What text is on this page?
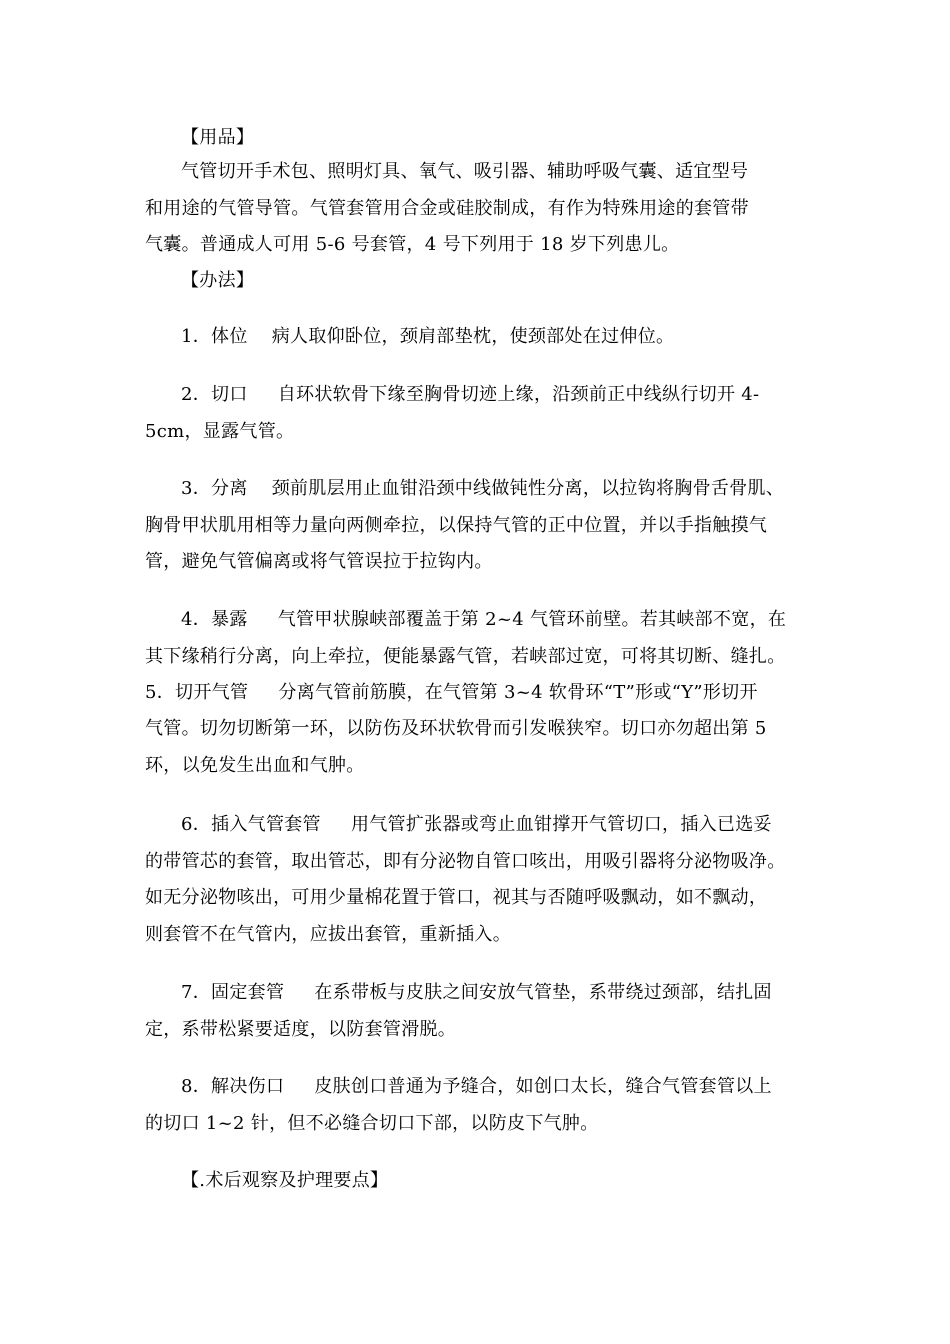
【用品】
气管切开手术包、照明灯具、氧气、吸引器、辅助呼吸气囊、适宜型号
和用途的气管导管。气管套管用合金或硅胶制成，有作为特殊用途的套管带
气囊。普通成人可用 5-6 号套管，4 号下列用于 18 岁下列患儿。
【办法】
1．体位    病人取仰卧位，颈肩部垫枕，使颈部处在过伸位。
2．切口     自环状软骨下缘至胸骨切迹上缘，沿颈前正中线纵行切开 4-
5cm，显露气管。
3．分离    颈前肌层用止血钳沿颈中线做钝性分离，以拉钩将胸骨舌骨肌、
胸骨甲状肌用相等力量向两侧牵拉，以保持气管的正中位置，并以手指触摸气
管，避免气管偏离或将气管误拉于拉钩内。
4．暴露     气管甲状腺峡部覆盖于第 2~4 气管环前壁。若其峡部不宽，在
其下缘稍行分离，向上牵拉，便能暴露气管，若峡部过宽，可将其切断、缝扎。
5．切开气管     分离气管前筋膜，在气管第 3~4 软骨环“T”形或“Y”形切开
气管。切勿切断第一环，以防伤及环状软骨而引发喉狭窄。切口亦勿超出第 5
环，以免发生出血和气肿。
6．插入气管套管     用气管扩张器或弯止血钳撑开气管切口，插入已选妥
的带管芯的套管，取出管芯，即有分泌物自管口咳出，用吸引器将分泌物吸净。
如无分泌物咳出，可用少量棉花置于管口，视其与否随呼吸飘动，如不飘动，
则套管不在气管内，应拔出套管，重新插入。
7．固定套管     在系带板与皮肤之间安放气管垫，系带绕过颈部，结扎固
定，系带松紧要适度，以防套管滑脱。
8．解决伤口     皮肤创口普通为予缝合，如创口太长，缝合气管套管以上
的切口 1~2 针，但不必缝合切口下部，以防皮下气肿。
【.术后观察及护理要点】
